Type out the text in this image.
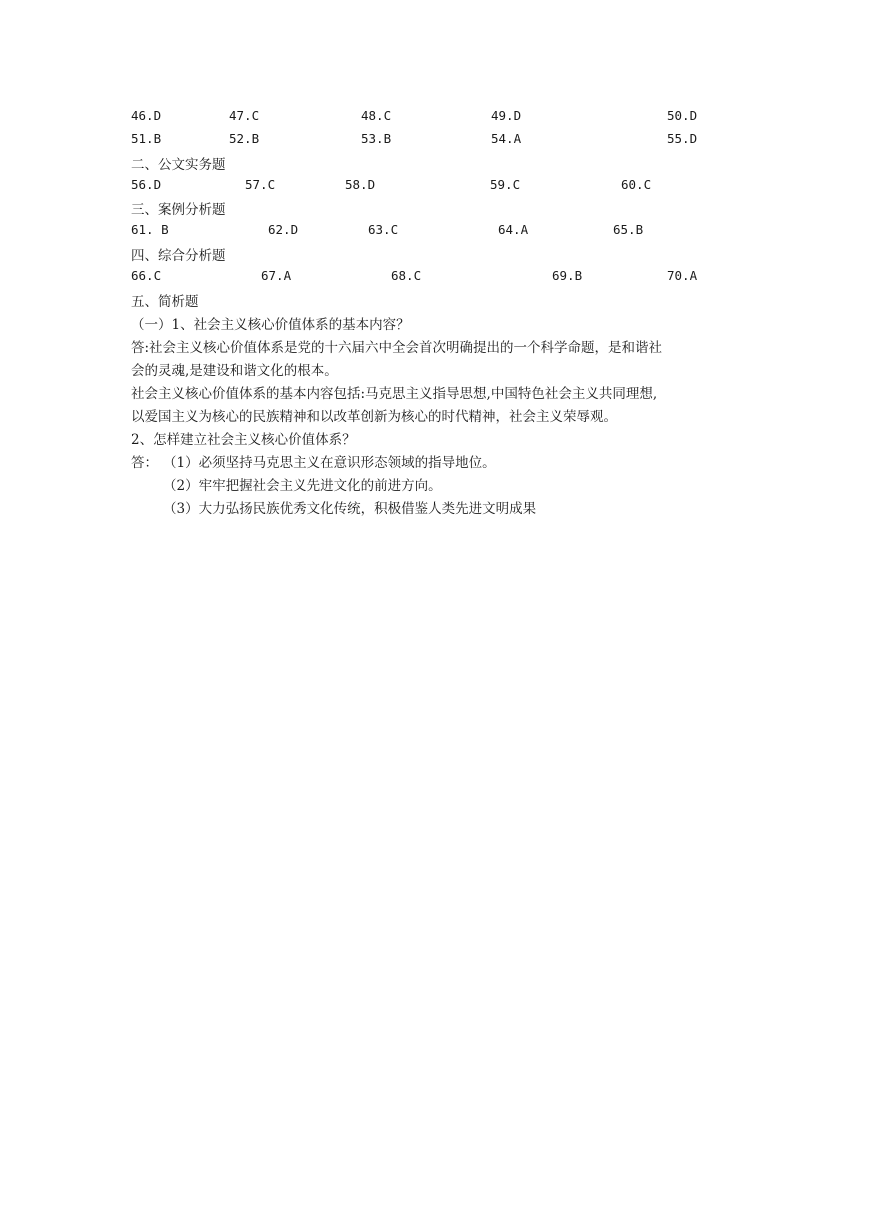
46.D	47.C	48.C	49.D	50.D
51.B	52.B	53.B	54.A	55.D
二、公文实务题
56.D	57.C	58.D	59.C	60.C
三、案例分析题
61. B	62.D	63.C	64.A	65.B
四、综合分析题
66.C	67.A	68.C	69.B	70.A
五、简析题
（一）1、社会主义核心价值体系的基本内容？
答:社会主义核心价值体系是党的十六届六中全会首次明确提出的一个科学命题，是和谐社
会的灵魂,是建设和谐文化的根本。
社会主义核心价值体系的基本内容包括:马克思主义指导思想,中国特色社会主义共同理想,
以爱国主义为核心的民族精神和以改革创新为核心的时代精神，社会主义荣辱观。
2、怎样建立社会主义核心价值体系？
答： （1）必须坚持马克思主义在意识形态领域的指导地位。
（2）牢牢把握社会主义先进文化的前进方向。
（3）大力弘扬民族优秀文化传统，积极借鉴人类先进文明成果
